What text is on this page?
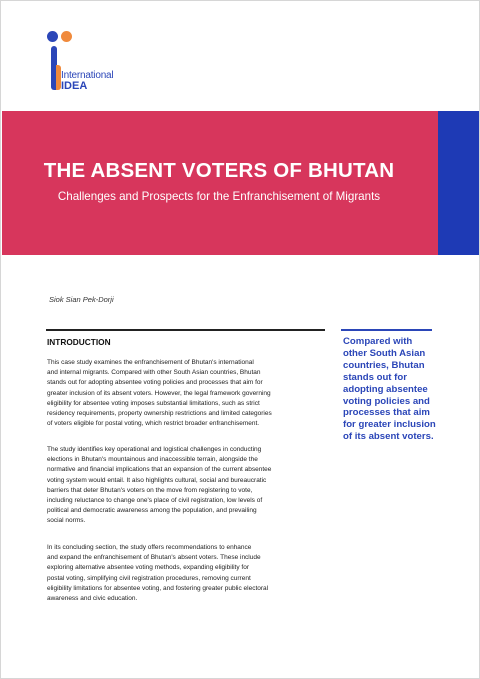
International
IDEA
THE ABSENT VOTERS OF BHUTAN
Challenges and Prospects for the Enfranchisement of Migrants
Siok Sian Pek-Dorji
INTRODUCTION
This case study examines the enfranchisement of Bhutan's international
and internal migrants. Compared with other South Asian countries, Bhutan
stands out for adopting absentee voting policies and processes that aim for
greater inclusion of its absent voters. However, the legal framework governing
eligibility for absentee voting imposes substantial limitations, such as strict
residency requirements, property ownership restrictions and limited categories
of voters eligible for postal voting, which restrict broader enfranchisement.
The study identifies key operational and logistical challenges in conducting
elections in Bhutan's mountainous and inaccessible terrain, alongside the
normative and financial implications that an expansion of the current absentee
voting system would entail. It also highlights cultural, social and bureaucratic
barriers that deter Bhutan's voters on the move from registering to vote,
including reluctance to change one's place of civil registration, low levels of
political and democratic awareness among the population, and prevailing
social norms.
In its concluding section, the study offers recommendations to enhance
and expand the enfranchisement of Bhutan's absent voters. These include
exploring alternative absentee voting methods, expanding eligibility for
postal voting, simplifying civil registration procedures, removing current
eligibility limitations for absentee voting, and fostering greater public electoral
awareness and civic education.
Compared with
other South Asian
countries, Bhutan
stands out for
adopting absentee
voting policies and
processes that aim
for greater inclusion
of its absent voters.
